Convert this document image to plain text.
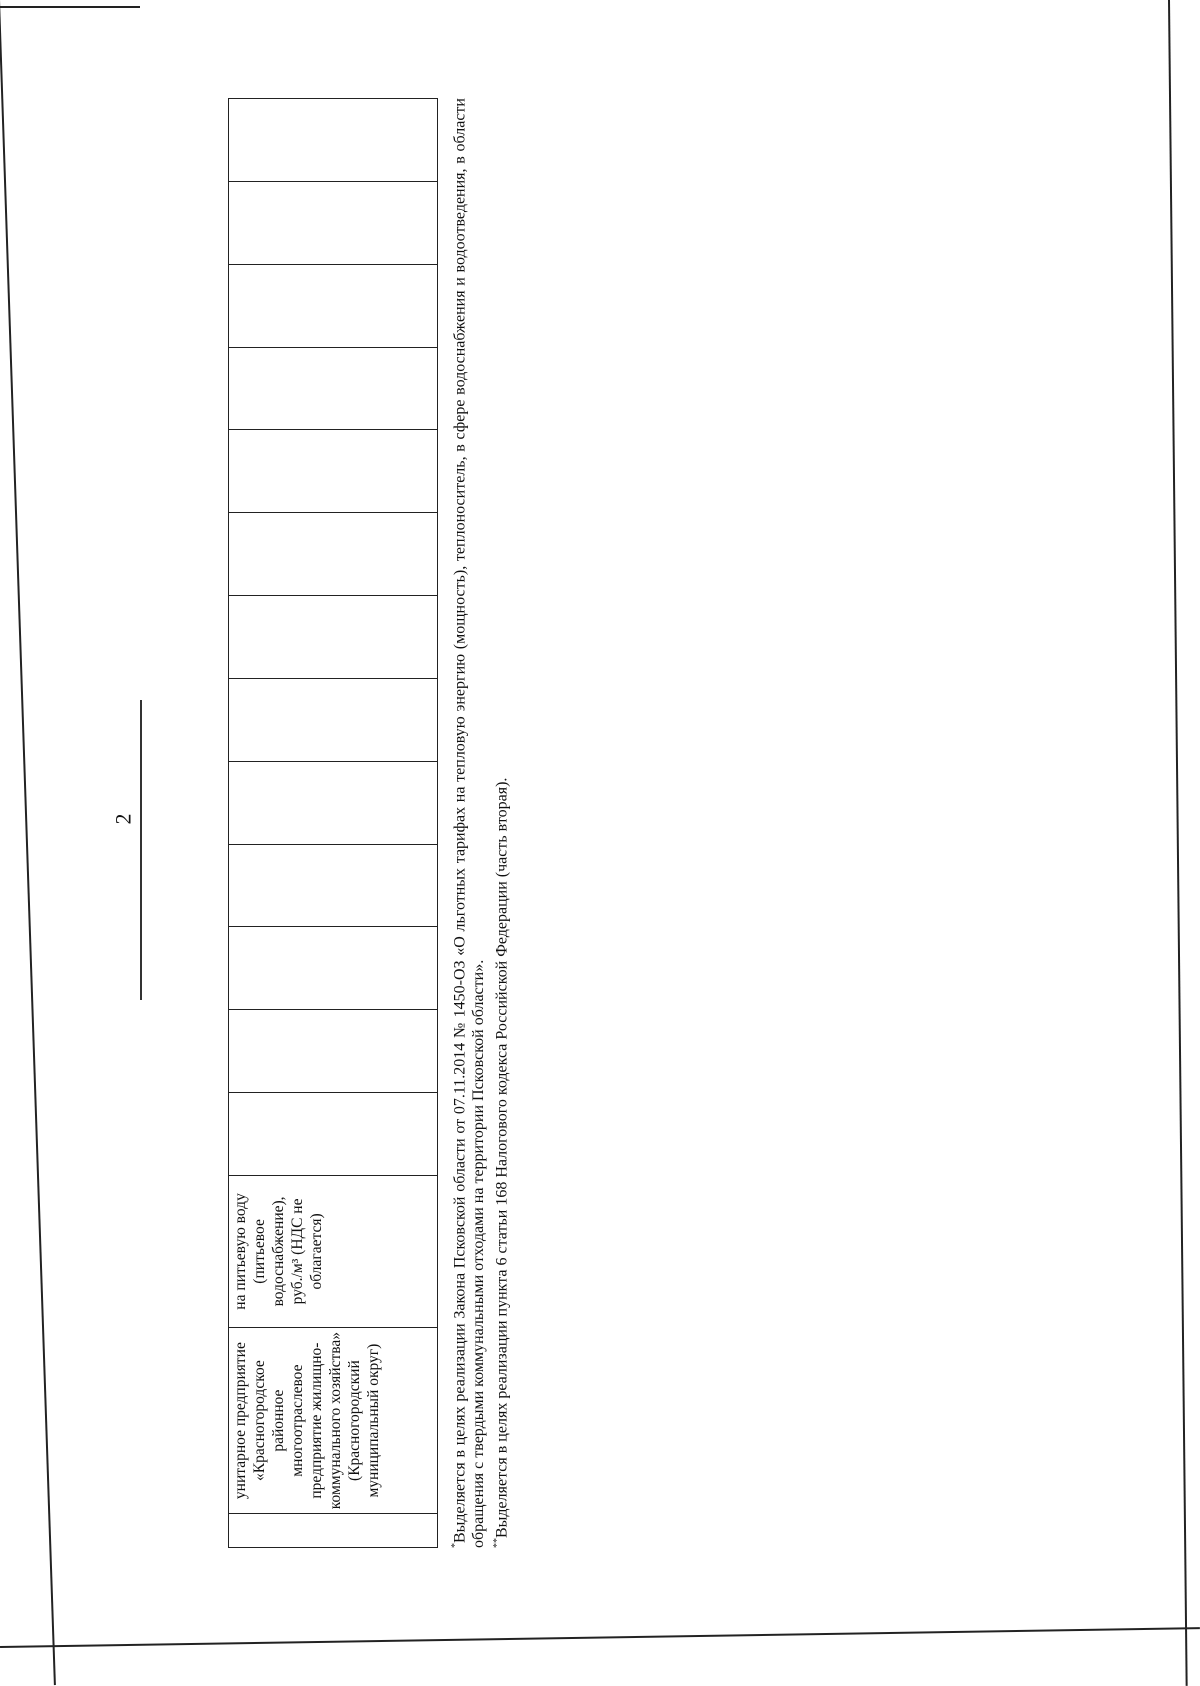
2
	унитарное предприятие «Красногородское районное многоотраслевое предприятие жилищно-коммунального хозяйства» (Красногородский муниципальный округ)	на питьевую воду (питьевое водоснабжение), руб./м³ (НДС не облагается)													

*Выделяется в целях реализации Закона Псковской области от 07.11.2014 № 1450-ОЗ «О льготных тарифах на тепловую энергию (мощность), теплоноситель, в сфере водоснабжения и водоотведения, в области обращения с твердыми коммунальными отходами на территории Псковской области». **Выделяется в целях реализации пункта 6 статьи 168 Налогового кодекса Российской Федерации (часть вторая).
